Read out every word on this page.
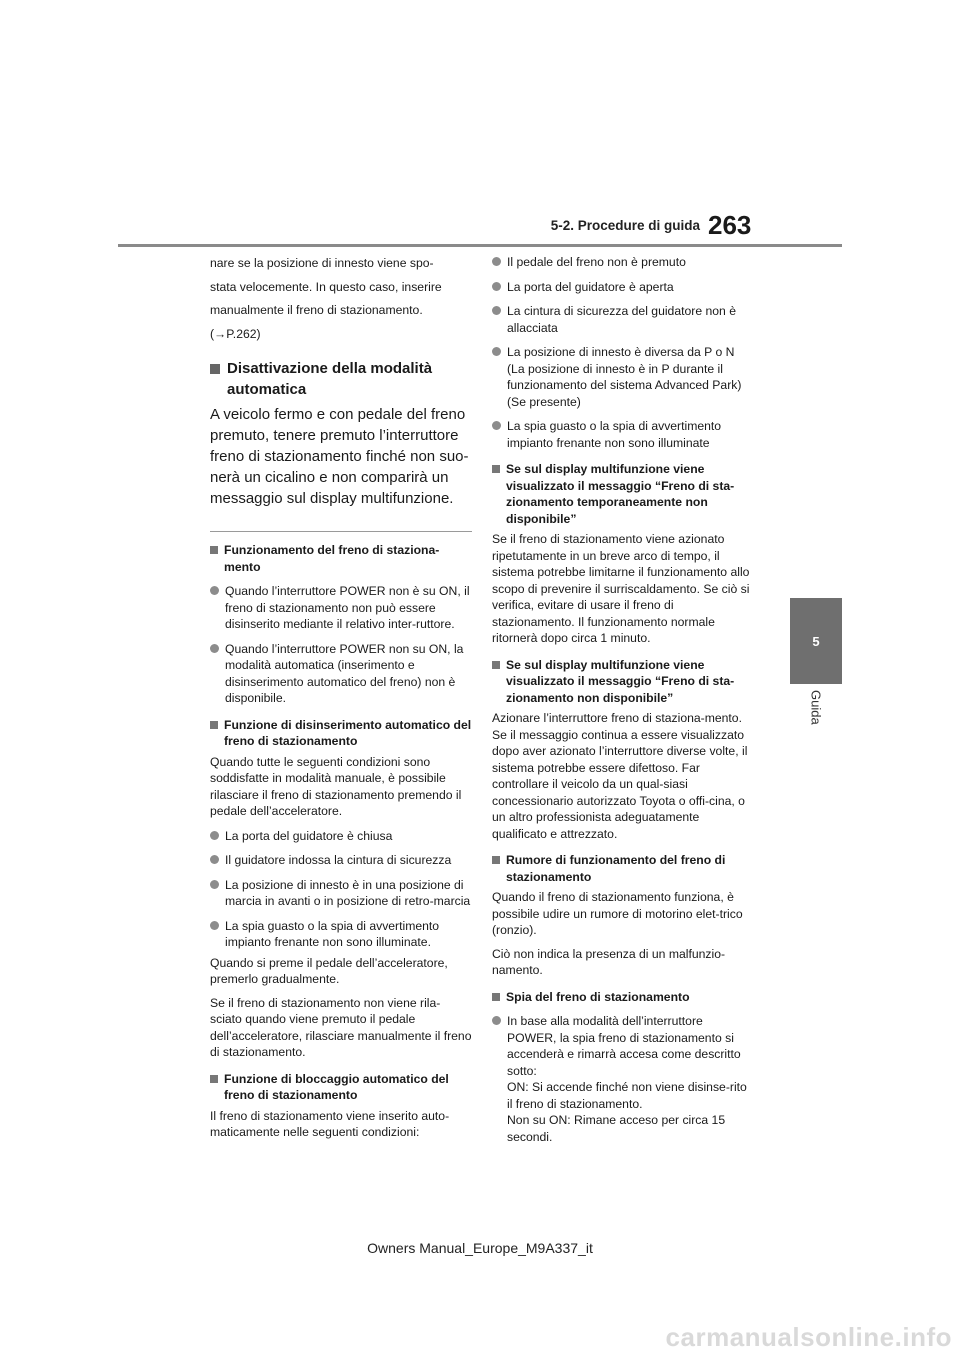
5-2. Procedure di guida 263
5
Guida

nare se la posizione di innesto viene spo-

stata velocemente. In questo caso, inserire

manualmente il freno di stazionamento.

(→P.262)

Disattivazione della modalità automatica
A veicolo fermo e con pedale del freno premuto, tenere premuto l’interruttore freno di stazionamento finché non suo-nerà un cicalino e non comparirà un messaggio sul display multifunzione.
Funzionamento del freno di staziona-mento
Quando l’interruttore POWER non è su ON, il freno di stazionamento non può essere disinserito mediante il relativo inter-ruttore.
Quando l’interruttore POWER non su ON, la modalità automatica (inserimento e disinserimento automatico del freno) non è disponibile.
Funzione di disinserimento automatico del freno di stazionamento

Quando tutte le seguenti condizioni sono soddisfatte in modalità manuale, è possibile rilasciare il freno di stazionamento premendo il pedale dell’acceleratore.

La porta del guidatore è chiusa
Il guidatore indossa la cintura di sicurezza
La posizione di innesto è in una posizione di marcia in avanti o in posizione di retro-marcia
La spia guasto o la spia di avvertimento impianto frenante non sono illuminate.

Quando si preme il pedale dell’acceleratore, premerlo gradualmente.

Se il freno di stazionamento non viene rila-sciato quando viene premuto il pedale dell’acceleratore, rilasciare manualmente il freno di stazionamento.

Funzione di bloccaggio automatico del freno di stazionamento

Il freno di stazionamento viene inserito auto-maticamente nelle seguenti condizioni:

Il pedale del freno non è premuto
La porta del guidatore è aperta
La cintura di sicurezza del guidatore non è allacciata
La posizione di innesto è diversa da P o N (La posizione di innesto è in P durante il funzionamento del sistema Advanced Park) (Se presente)
La spia guasto o la spia di avvertimento impianto frenante non sono illuminate
Se sul display multifunzione viene visualizzato il messaggio “Freno di sta-zionamento temporaneamente non disponibile”

Se il freno di stazionamento viene azionato ripetutamente in un breve arco di tempo, il sistema potrebbe limitarne il funzionamento allo scopo di prevenire il surriscaldamento. Se ciò si verifica, evitare di usare il freno di stazionamento. Il funzionamento normale ritornerà dopo circa 1 minuto.

Se sul display multifunzione viene visualizzato il messaggio “Freno di sta-zionamento non disponibile”

Azionare l’interruttore freno di staziona-mento. Se il messaggio continua a essere visualizzato dopo aver azionato l’interruttore diverse volte, il sistema potrebbe essere difettoso. Far controllare il veicolo da un qual-siasi concessionario autorizzato Toyota o offi-cina, o un altro professionista adeguatamente qualificato e attrezzato.

Rumore di funzionamento del freno di stazionamento

Quando il freno di stazionamento funziona, è possibile udire un rumore di motorino elet-trico (ronzio).

Ciò non indica la presenza di un malfunzio-namento.

Spia del freno di stazionamento
In base alla modalità dell’interruttore POWER, la spia freno di stazionamento si accenderà e rimarrà accesa come descritto sotto:
ON: Si accende finché non viene disinse-rito il freno di stazionamento.
Non su ON: Rimane acceso per circa 15 secondi.
Owners Manual_Europe_M9A337_it
carmanualsonline.info
